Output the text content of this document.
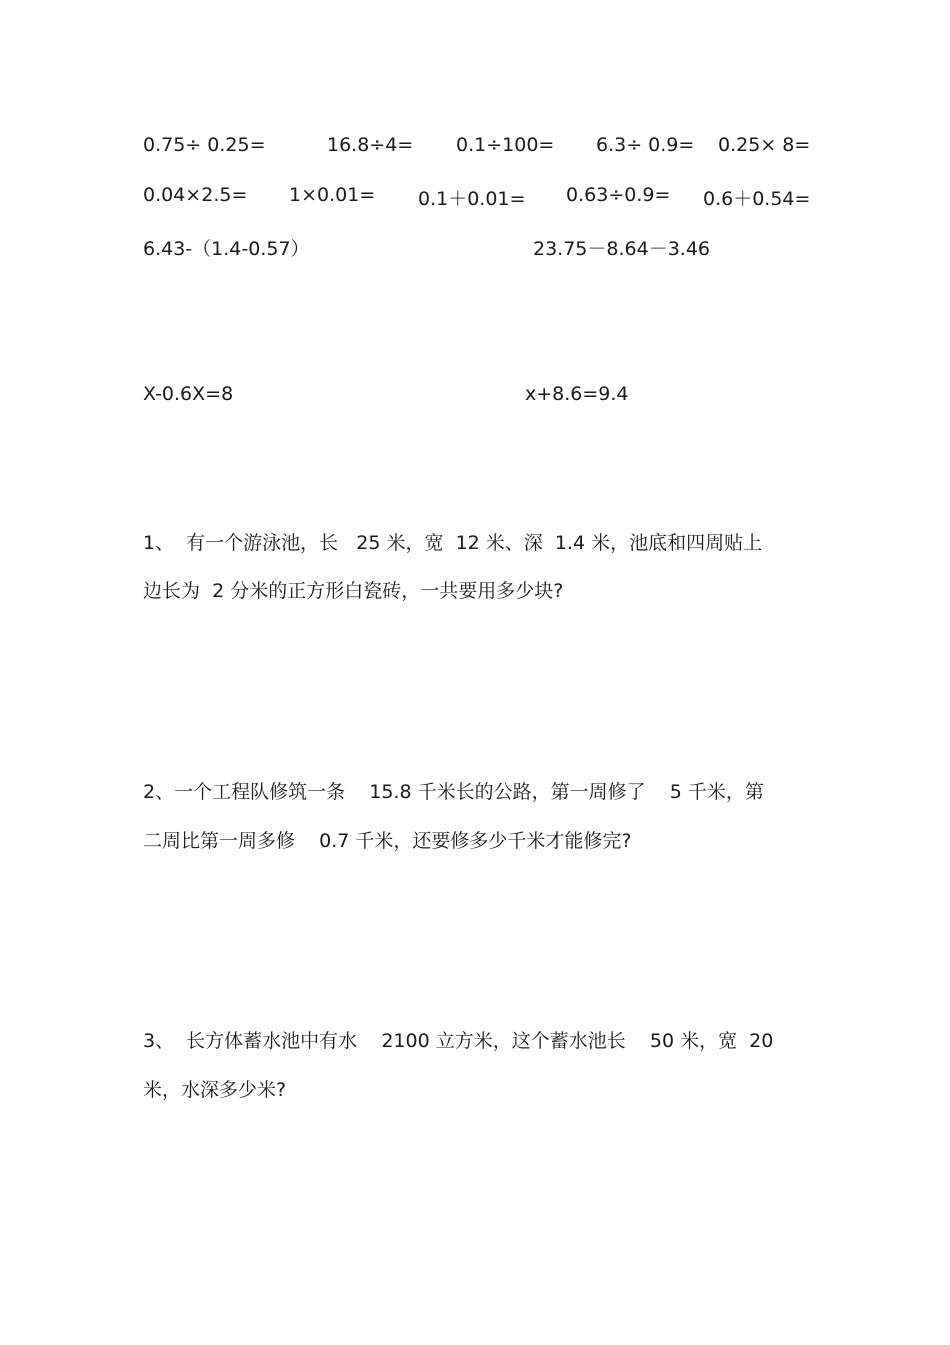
0.75÷ 0.25=	16.8÷4= 0.1÷100= 6.3÷ 0.9= 0.25× 8=
0.04×2.5= 1×0.01= 0.1＋0.01= 0.63÷0.9= 0.6＋0.54=
6.43-（1.4-0.57）	23.75－8.64－3.46
X-0.6X=8	x+8.6=9.4
1、  有一个游泳池，长   25 米，宽  12 米、深  1.4 米，池底和四周贴上
边长为  2 分米的正方形白瓷砖，一共要用多少块?
2、一个工程队修筑一条    15.8 千米长的公路，第一周修了    5 千米，第
二周比第一周多修    0.7 千米，还要修多少千米才能修完?
3、  长方体蓄水池中有水    2100 立方米，这个蓄水池长    50 米，宽  20
米，水深多少米?
